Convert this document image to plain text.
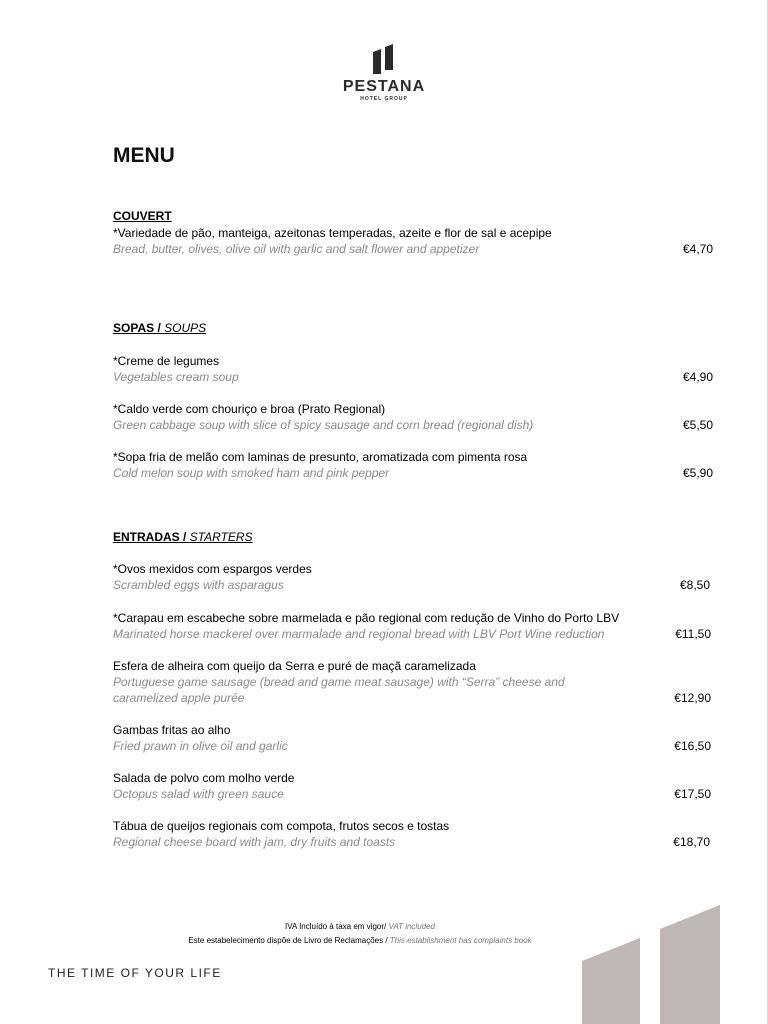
PESTANA
HOTEL GROUP
MENU
COUVERT
*Variedade de pão, manteiga, azeitonas temperadas, azeite e flor de sal e acepipe
Bread, butter, olives, olive oil with garlic and salt flower and appetizer	€4,70
SOPAS / SOUPS
*Creme de legumes
Vegetables cream soup	€4,90
*Caldo verde com chouriço e broa (Prato Regional)
Green cabbage soup with slice of spicy sausage and corn bread (regional dish)	€5,50
*Sopa fria de melão com laminas de presunto, aromatizada com pimenta rosa
Cold melon soup with smoked ham and pink pepper	€5,90
ENTRADAS / STARTERS
*Ovos mexidos com espargos verdes
Scrambled eggs with asparagus	€8,50
*Carapau em escabeche sobre marmelada e pão regional com redução de Vinho do Porto LBV
Marinated horse mackerel over marmalade and regional bread with LBV Port Wine reduction	€11,50
Esfera de alheira com queijo da Serra e puré de maçã caramelizada
Portuguese game sausage (bread and game meat sausage) with “Serra” cheese and caramelized apple purée	€12,90
Gambas fritas ao alho
Fried prawn in olive oil and garlic	€16,50
Salada de polvo com molho verde
Octopus salad with green sauce	€17,50
Tábua de queijos regionais com compota, frutos secos e tostas
Regional cheese board with jam, dry fruits and toasts	€18,70
IVA Incluído à taxa em vigor/ VAT included
Este estabelecimento dispõe de Livro de Reclamações / This establishment has complaints book
THE TIME OF YOUR LIFE
